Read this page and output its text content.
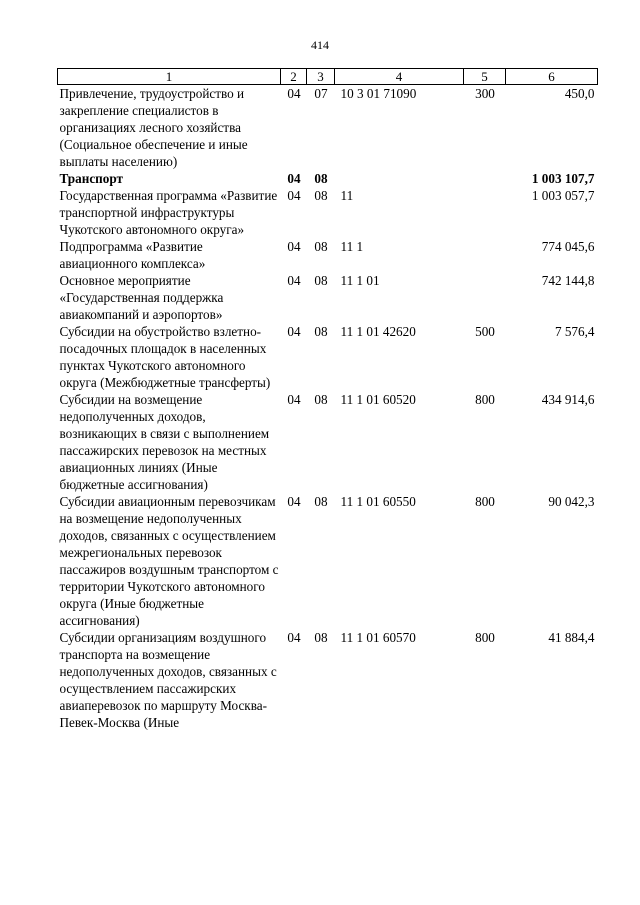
414
1	2	3	4	5	6
Привлечение, трудоустройство и закрепление специалистов в организациях лесного хозяйства (Социальное обеспечение и иные выплаты населению)	04	07	10 3 01 71090	300	450,0
Транспорт	04	08			1 003 107,7
Государственная программа «Развитие транспортной инфраструктуры Чукотского автономного округа»	04	08	11		1 003 057,7
Подпрограмма «Развитие авиационного комплекса»	04	08	11 1		774 045,6
Основное мероприятие «Государственная поддержка авиакомпаний и аэропортов»	04	08	11 1 01		742 144,8
Субсидии на обустройство взлетно-посадочных площадок в населенных пунктах Чукотского автономного округа (Межбюджетные трансферты)	04	08	11 1 01 42620	500	7 576,4
Субсидии на возмещение недополученных доходов, возникающих в связи с выполнением пассажирских перевозок на местных авиационных линиях (Иные бюджетные ассигнования)	04	08	11 1 01 60520	800	434 914,6
Субсидии авиационным перевозчикам на возмещение недополученных доходов, связанных с осуществлением межрегиональных перевозок пассажиров воздушным транспортом с территории Чукотского автономного округа (Иные бюджетные ассигнования)	04	08	11 1 01 60550	800	90 042,3
Субсидии организациям воздушного транспорта на возмещение недополученных доходов, связанных с осуществлением пассажирских авиаперевозок по маршруту Москва-Певек-Москва (Иные	04	08	11 1 01 60570	800	41 884,4
